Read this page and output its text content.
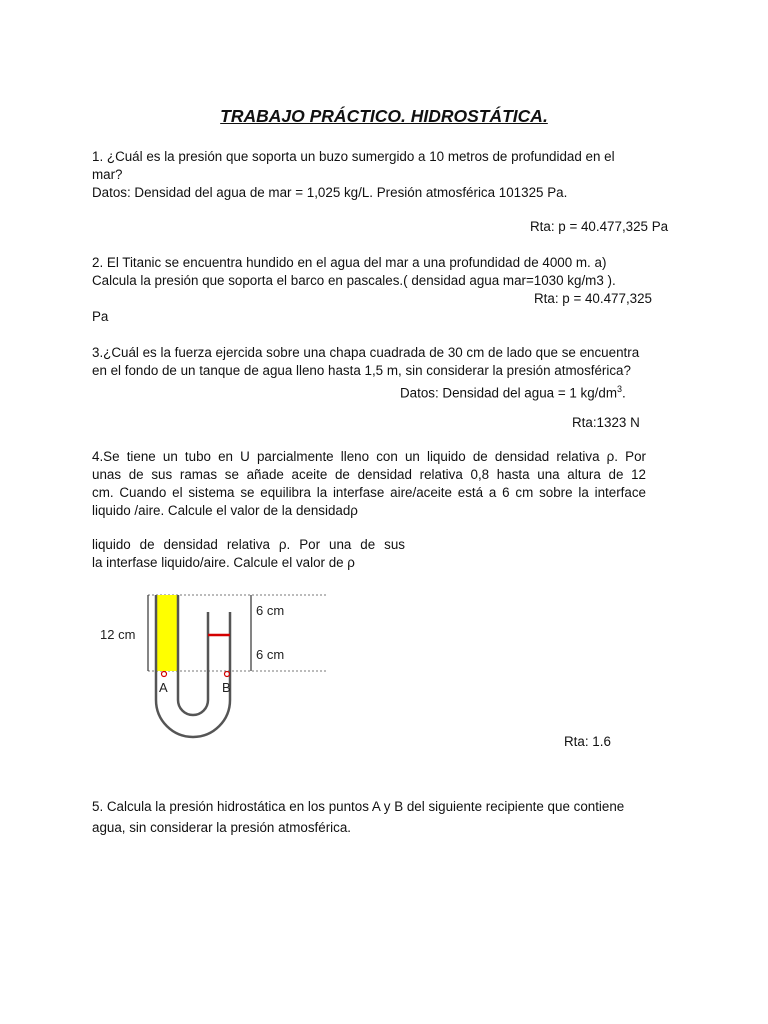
TRABAJO PRÁCTICO. HIDROSTÁTICA.
1. ¿Cuál es la presión que soporta un buzo sumergido a 10 metros de profundidad en el
mar?
Datos: Densidad del agua de mar = 1,025 kg/L. Presión atmosférica 101325 Pa.
Rta: p = 40.477,325 Pa
2. El Titanic se encuentra hundido en el agua del mar a una profundidad de 4000 m. a)
Calcula la presión que soporta el barco en pascales.( densidad agua mar=1030 kg/m3 ).
Rta: p = 40.477,325
Pa
3.¿Cuál es la fuerza ejercida sobre una chapa cuadrada de 30 cm de lado que se encuentra
en el fondo de un tanque de agua lleno hasta 1,5 m, sin considerar la presión atmosférica?
Datos: Densidad del agua = 1 $kg/dm^3$.
Rta:1323 N
4.Se tiene un tubo en U parcialmente lleno con un liquido de densidad relativa ρ. Por
unas de sus ramas se añade aceite de densidad relativa 0,8 hasta una altura de 12
cm. Cuando el sistema se equilibra la interfase aire/aceite está a 6 cm sobre la interface
liquido /aire. Calcule el valor de la densidadρ
liquido de densidad relativa ρ. Por una de sus
la interfase liquido/aire. Calcule el valor de ρ
12 cm
6 cm
6 cm
A	B
Rta: 1.6
5. Calcula la presión hidrostática en los puntos A y B del siguiente recipiente que contiene
agua, sin considerar la presión atmosférica.
